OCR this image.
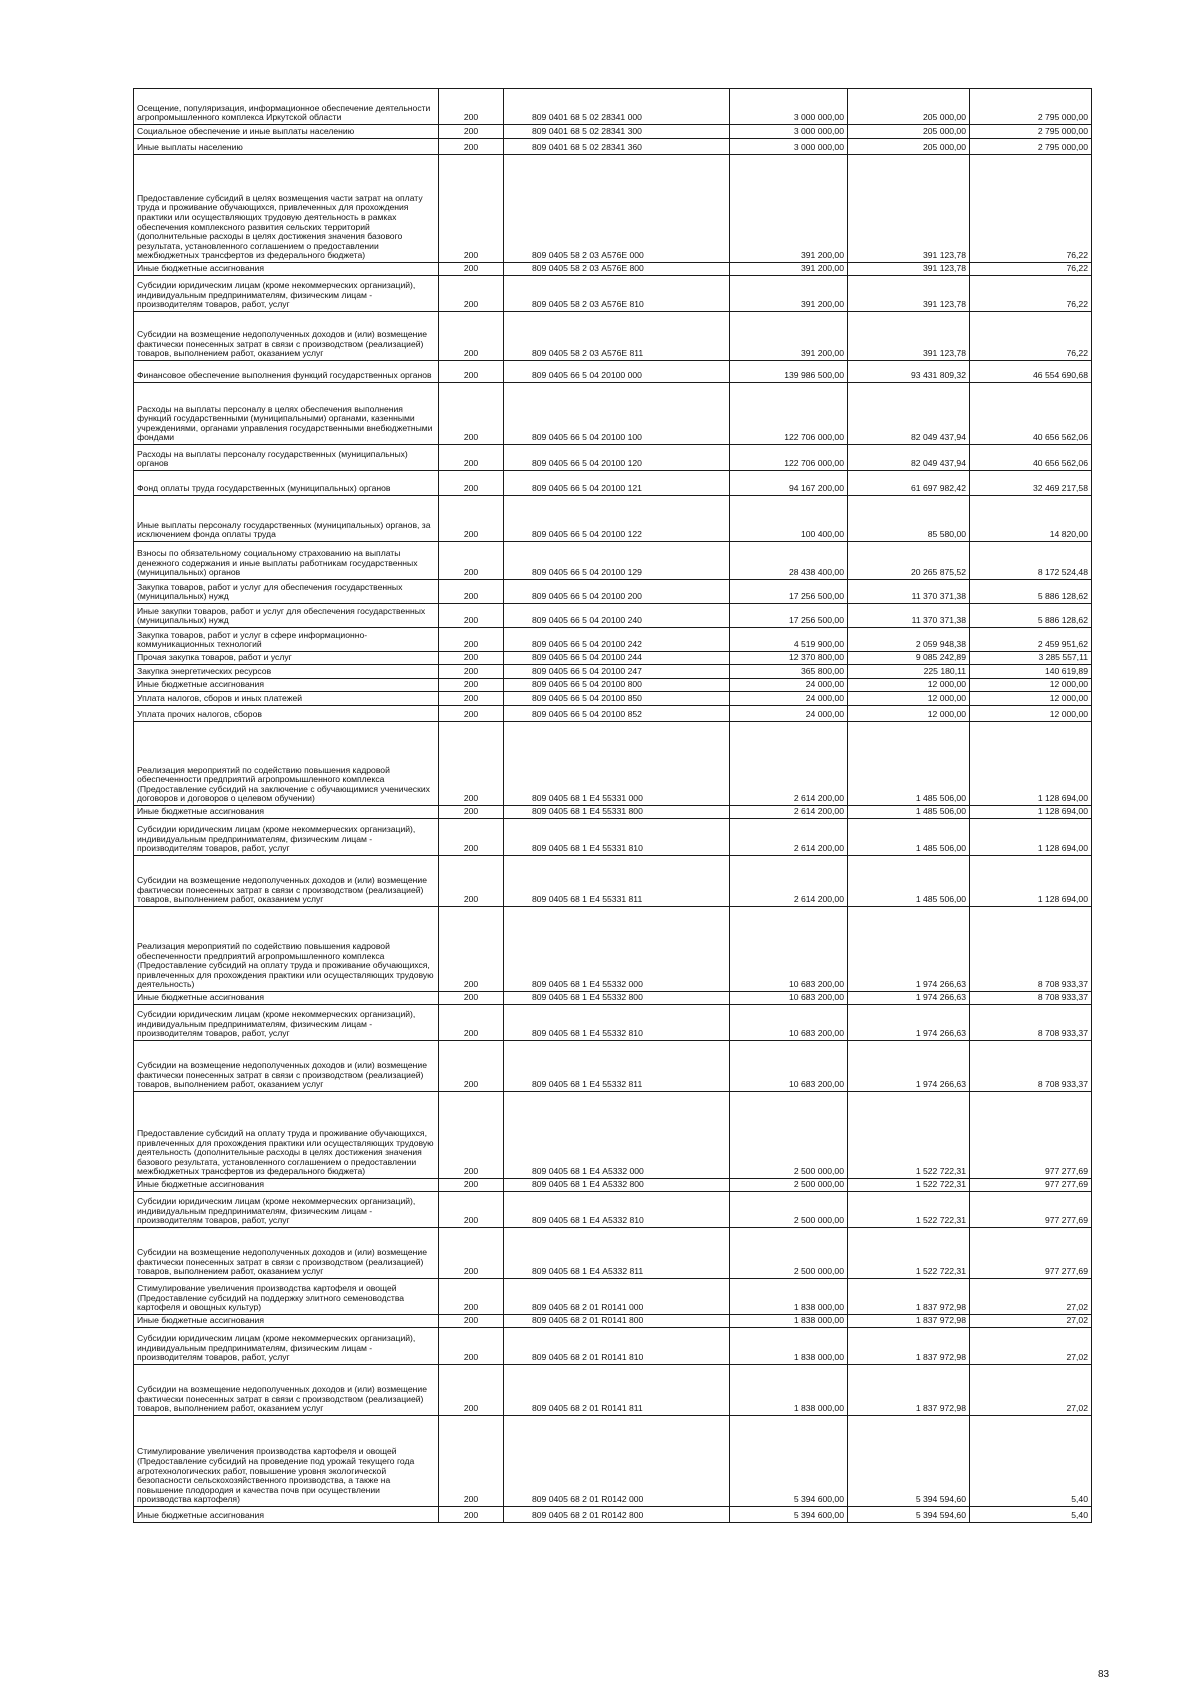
Осещение, популяризация, информационное обеспечение деятельности агропромышленного комплекса Иркутской области	200	809 0401 68 5 02 28341 000	3 000 000,00	205 000,00	2 795 000,00
Социальное обеспечение и иные выплаты населению	200	809 0401 68 5 02 28341 300	3 000 000,00	205 000,00	2 795 000,00
Иные выплаты населению	200	809 0401 68 5 02 28341 360	3 000 000,00	205 000,00	2 795 000,00
Предоставление субсидий в целях возмещения части затрат на оплату труда и проживание обучающихся, привлеченных для прохождения практики или осуществляющих трудовую деятельность в рамках обеспечения комплексного развития сельских территорий (дополнительные расходы в целях достижения значения базового результата, установленного соглашением о предоставлении межбюджетных трансфертов из федерального бюджета)	200	809 0405 58 2 03 А576Е 000	391 200,00	391 123,78	76,22
Иные бюджетные ассигнования	200	809 0405 58 2 03 А576Е 800	391 200,00	391 123,78	76,22
Субсидии юридическим лицам (кроме некоммерческих организаций), индивидуальным предпринимателям, физическим лицам - производителям товаров, работ, услуг	200	809 0405 58 2 03 А576Е 810	391 200,00	391 123,78	76,22
Субсидии на возмещение недополученных доходов и (или) возмещение фактически понесенных затрат в связи с производством (реализацией) товаров, выполнением работ, оказанием услуг	200	809 0405 58 2 03 А576Е 811	391 200,00	391 123,78	76,22
Финансовое обеспечение выполнения функций государственных органов	200	809 0405 66 5 04 20100 000	139 986 500,00	93 431 809,32	46 554 690,68
Расходы на выплаты персоналу в целях обеспечения выполнения функций государственными (муниципальными) органами, казенными учреждениями, органами управления государственными внебюджетными фондами	200	809 0405 66 5 04 20100 100	122 706 000,00	82 049 437,94	40 656 562,06
Расходы на выплаты персоналу государственных (муниципальных) органов	200	809 0405 66 5 04 20100 120	122 706 000,00	82 049 437,94	40 656 562,06
Фонд оплаты труда государственных (муниципальных) органов	200	809 0405 66 5 04 20100 121	94 167 200,00	61 697 982,42	32 469 217,58
Иные выплаты персоналу государственных (муниципальных) органов, за исключением фонда оплаты труда	200	809 0405 66 5 04 20100 122	100 400,00	85 580,00	14 820,00
Взносы по обязательному социальному страхованию на выплаты денежного содержания и иные выплаты работникам государственных (муниципальных) органов	200	809 0405 66 5 04 20100 129	28 438 400,00	20 265 875,52	8 172 524,48
Закупка товаров, работ и услуг для обеспечения государственных (муниципальных) нужд	200	809 0405 66 5 04 20100 200	17 256 500,00	11 370 371,38	5 886 128,62
Иные закупки товаров, работ и услуг для обеспечения государственных (муниципальных) нужд	200	809 0405 66 5 04 20100 240	17 256 500,00	11 370 371,38	5 886 128,62
Закупка товаров, работ и услуг в сфере информационно-коммуникационных технологий	200	809 0405 66 5 04 20100 242	4 519 900,00	2 059 948,38	2 459 951,62
Прочая закупка товаров, работ и услуг	200	809 0405 66 5 04 20100 244	12 370 800,00	9 085 242,89	3 285 557,11
Закупка энергетических ресурсов	200	809 0405 66 5 04 20100 247	365 800,00	225 180,11	140 619,89
Иные бюджетные ассигнования	200	809 0405 66 5 04 20100 800	24 000,00	12 000,00	12 000,00
Уплата налогов, сборов и иных платежей	200	809 0405 66 5 04 20100 850	24 000,00	12 000,00	12 000,00
Уплата прочих налогов, сборов	200	809 0405 66 5 04 20100 852	24 000,00	12 000,00	12 000,00
Реализация мероприятий по содействию повышения кадровой обеспеченности предприятий агропромышленного комплекса (Предоставление субсидий на заключение с обучающимися ученических договоров и договоров о целевом обучении)	200	809 0405 68 1 Е4 55331 000	2 614 200,00	1 485 506,00	1 128 694,00
Иные бюджетные ассигнования	200	809 0405 68 1 Е4 55331 800	2 614 200,00	1 485 506,00	1 128 694,00
Субсидии юридическим лицам (кроме некоммерческих организаций), индивидуальным предпринимателям, физическим лицам - производителям товаров, работ, услуг	200	809 0405 68 1 Е4 55331 810	2 614 200,00	1 485 506,00	1 128 694,00
Субсидии на возмещение недополученных доходов и (или) возмещение фактически понесенных затрат в связи с производством (реализацией) товаров, выполнением работ, оказанием услуг	200	809 0405 68 1 Е4 55331 811	2 614 200,00	1 485 506,00	1 128 694,00
Реализация мероприятий по содействию повышения кадровой обеспеченности предприятий агропромышленного комплекса (Предоставление субсидий на оплату труда и проживание обучающихся, привлеченных для прохождения практики или осуществляющих трудовую деятельность)	200	809 0405 68 1 Е4 55332 000	10 683 200,00	1 974 266,63	8 708 933,37
Иные бюджетные ассигнования	200	809 0405 68 1 Е4 55332 800	10 683 200,00	1 974 266,63	8 708 933,37
Субсидии юридическим лицам (кроме некоммерческих организаций), индивидуальным предпринимателям, физическим лицам - производителям товаров, работ, услуг	200	809 0405 68 1 Е4 55332 810	10 683 200,00	1 974 266,63	8 708 933,37
Субсидии на возмещение недополученных доходов и (или) возмещение фактически понесенных затрат в связи с производством (реализацией) товаров, выполнением работ, оказанием услуг	200	809 0405 68 1 Е4 55332 811	10 683 200,00	1 974 266,63	8 708 933,37
Предоставление субсидий на оплату труда и проживание обучающихся, привлеченных для прохождения практики или осуществляющих трудовую деятельность (дополнительные расходы в целях достижения значения базового результата, установленного соглашением о предоставлении межбюджетных трансфертов из федерального бюджета)	200	809 0405 68 1 Е4 А5332 000	2 500 000,00	1 522 722,31	977 277,69
Иные бюджетные ассигнования	200	809 0405 68 1 Е4 А5332 800	2 500 000,00	1 522 722,31	977 277,69
Субсидии юридическим лицам (кроме некоммерческих организаций), индивидуальным предпринимателям, физическим лицам - производителям товаров, работ, услуг	200	809 0405 68 1 Е4 А5332 810	2 500 000,00	1 522 722,31	977 277,69
Субсидии на возмещение недополученных доходов и (или) возмещение фактически понесенных затрат в связи с производством (реализацией) товаров, выполнением работ, оказанием услуг	200	809 0405 68 1 Е4 А5332 811	2 500 000,00	1 522 722,31	977 277,69
Стимулирование увеличения производства картофеля и овощей (Предоставление субсидий на поддержку элитного семеноводства картофеля и овощных культур)	200	809 0405 68 2 01 R0141 000	1 838 000,00	1 837 972,98	27,02
Иные бюджетные ассигнования	200	809 0405 68 2 01 R0141 800	1 838 000,00	1 837 972,98	27,02
Субсидии юридическим лицам (кроме некоммерческих организаций), индивидуальным предпринимателям, физическим лицам - производителям товаров, работ, услуг	200	809 0405 68 2 01 R0141 810	1 838 000,00	1 837 972,98	27,02
Субсидии на возмещение недополученных доходов и (или) возмещение фактически понесенных затрат в связи с производством (реализацией) товаров, выполнением работ, оказанием услуг	200	809 0405 68 2 01 R0141 811	1 838 000,00	1 837 972,98	27,02
Стимулирование увеличения производства картофеля и овощей (Предоставление субсидий на проведение под урожай текущего года агротехнологических работ, повышение уровня экологической безопасности сельскохозяйственного производства, а также на повышение плодородия и качества почв при осуществлении производства картофеля)	200	809 0405 68 2 01 R0142 000	5 394 600,00	5 394 594,60	5,40
Иные бюджетные ассигнования	200	809 0405 68 2 01 R0142 800	5 394 600,00	5 394 594,60	5,40
83
